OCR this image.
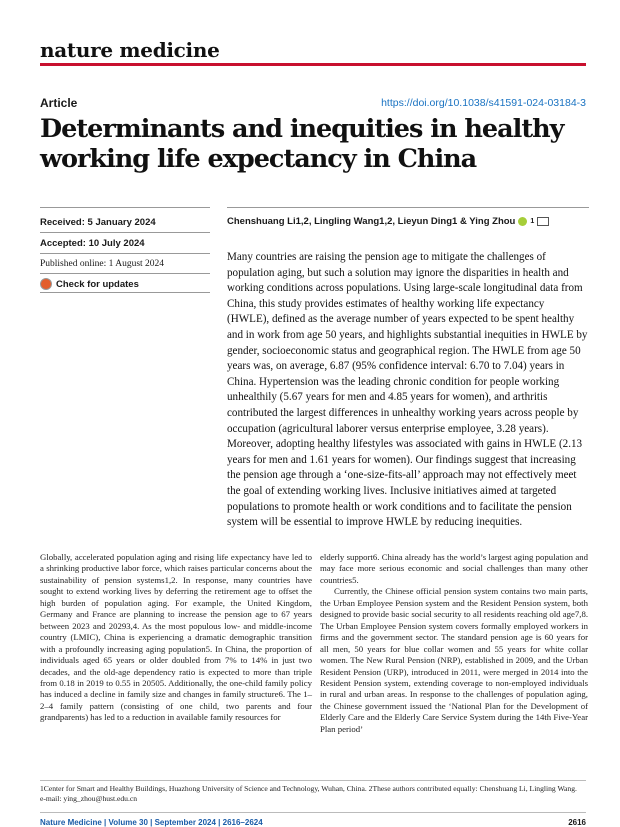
nature medicine
Article	https://doi.org/10.1038/s41591-024-03184-3
Determinants and inequities in healthy working life expectancy in China
Received: 5 January 2024
Accepted: 10 July 2024
Published online: 1 August 2024
Check for updates
Chenshuang Li1,2, Lingling Wang1,2, Lieyun Ding1 & Ying Zhou 1
Many countries are raising the pension age to mitigate the challenges of population aging, but such a solution may ignore the disparities in health and working conditions across populations. Using large-scale longitudinal data from China, this study provides estimates of healthy working life expectancy (HWLE), defined as the average number of years expected to be spent healthy and in work from age 50 years, and highlights substantial inequities in HWLE by gender, socioeconomic status and geographical region. The HWLE from age 50 years was, on average, 6.87 (95% confidence interval: 6.70 to 7.04) years in China. Hypertension was the leading chronic condition for people working unhealthily (5.67 years for men and 4.85 years for women), and arthritis contributed the largest differences in unhealthy working years across people by occupation (agricultural laborer versus enterprise employee, 3.28 years). Moreover, adopting healthy lifestyles was associated with gains in HWLE (2.13 years for men and 1.61 years for women). Our findings suggest that increasing the pension age through a ‘one-size-fits-all’ approach may not effectively meet the goal of extending working lives. Inclusive initiatives aimed at targeted populations to promote health or work conditions and to facilitate the pension system will be essential to improve HWLE by reducing inequities.
Globally, accelerated population aging and rising life expectancy have led to a shrinking productive labor force, which raises particular concerns about the sustainability of pension systems1,2. In response, many countries have sought to extend working lives by deferring the retirement age to offset the high burden of population aging. For example, the United Kingdom, Germany and France are planning to increase the pension age to 67 years between 2023 and 20293,4. As the most populous low- and middle-income country (LMIC), China is experiencing a dramatic demographic transition with a profoundly increasing aging population5. In China, the proportion of individuals aged 65 years or older doubled from 7% to 14% in just two decades, and the old-age dependency ratio is expected to more than triple from 0.18 in 2019 to 0.55 in 20505. Additionally, the one-child family policy has induced a decline in family size and changes in family structure6. The 1–2–4 family pattern (consisting of one child, two parents and four grandparents) has led to a reduction in available family resources for
elderly support6. China already has the world’s largest aging population and may face more serious economic and social challenges than many other countries5.
Currently, the Chinese official pension system contains two main parts, the Urban Employee Pension system and the Resident Pension system, both designed to provide basic social security to all residents reaching old age7,8. The Urban Employee Pension system covers formally employed workers in firms and the government sector. The standard pension age is 60 years for all men, 50 years for blue collar women and 55 years for white collar women. The New Rural Pension (NRP), established in 2009, and the Urban Resident Pension (URP), introduced in 2011, were merged in 2014 into the Resident Pension system, extending coverage to non-employed individuals in rural and urban areas. In response to the challenges of population aging, the Chinese government issued the ‘National Plan for the Development of Elderly Care and the Elderly Care Service System during the 14th Five-Year Plan period’
1Center for Smart and Healthy Buildings, Huazhong University of Science and Technology, Wuhan, China. 2These authors contributed equally: Chenshuang Li, Lingling Wang. e-mail: ying_zhou@hust.edu.cn
Nature Medicine | Volume 30 | September 2024 | 2616–2624	2616
